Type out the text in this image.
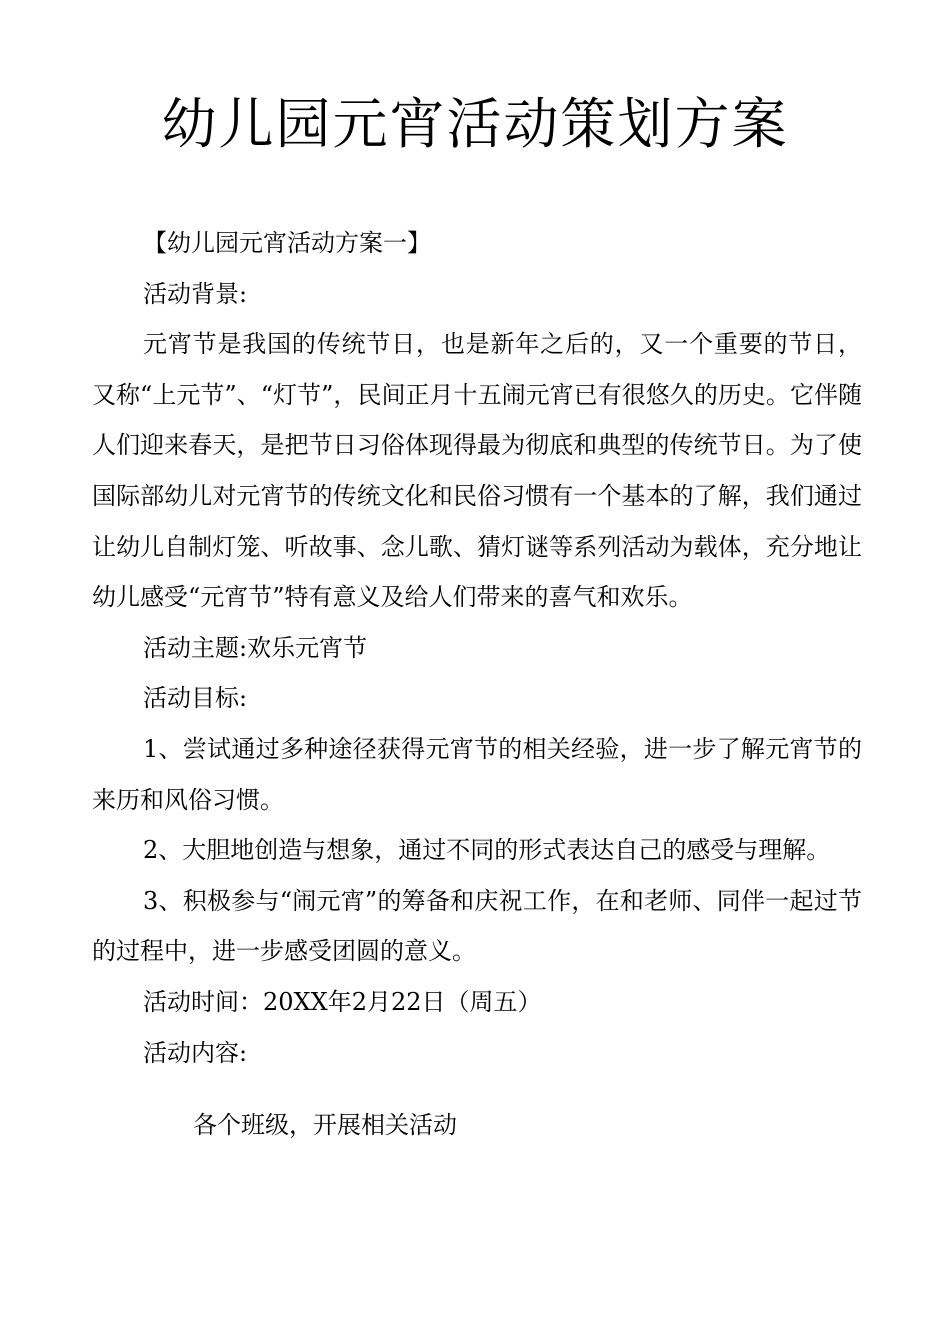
幼儿园元宵活动策划方案

【幼儿园元宵活动方案一】

活动背景:

元宵节是我国的传统节日，也是新年之后的，又一个重要的节日，又称“上元节”、“灯节”，民间正月十五闹元宵已有很悠久的历史。它伴随人们迎来春天，是把节日习俗体现得最为彻底和典型的传统节日。为了使国际部幼儿对元宵节的传统文化和民俗习惯有一个基本的了解，我们通过让幼儿自制灯笼、听故事、念儿歌、猜灯谜等系列活动为载体，充分地让幼儿感受“元宵节”特有意义及给人们带来的喜气和欢乐。

活动主题:欢乐元宵节

活动目标:

1、尝试通过多种途径获得元宵节的相关经验，进一步了解元宵节的来历和风俗习惯。

2、大胆地创造与想象，通过不同的形式表达自己的感受与理解。

3、积极参与“闹元宵”的筹备和庆祝工作，在和老师、同伴一起过节的过程中，进一步感受团圆的意义。

活动时间：20XX年2月22日（周五）

活动内容:

各个班级，开展相关活动
